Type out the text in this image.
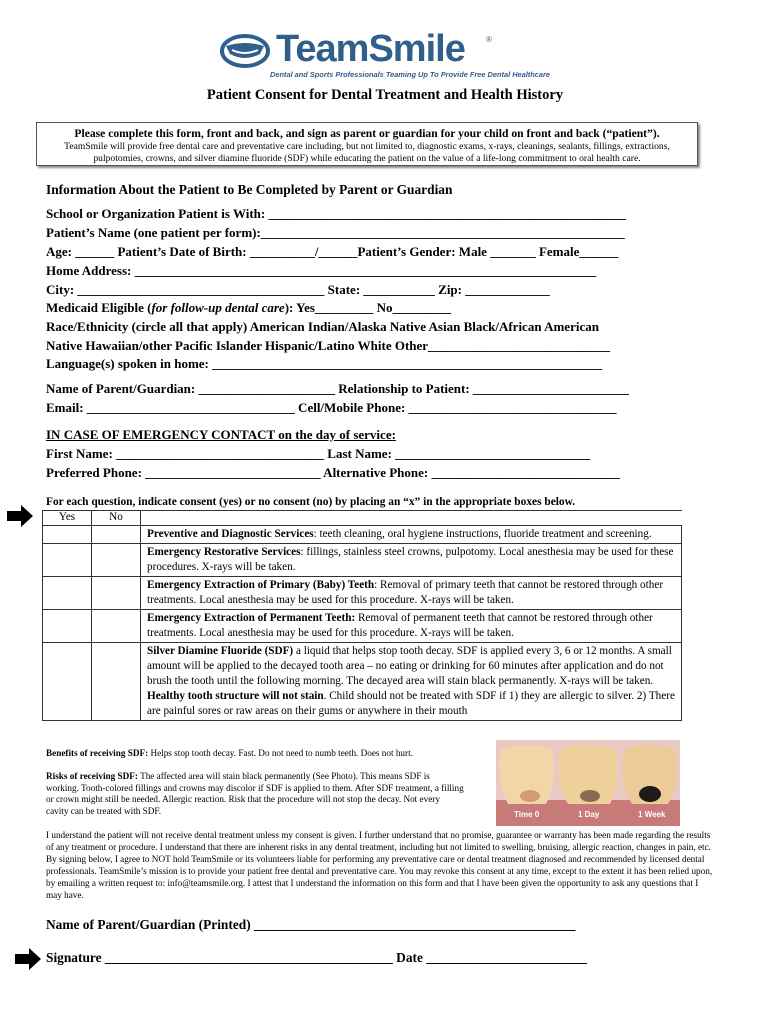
TeamSmile	®
Dental and Sports Professionals Teaming Up To Provide Free Dental Healthcare
Patient Consent for Dental Treatment and Health History
Please complete this form, front and back, and sign as parent or guardian for your child on front and back (“patient”).
TeamSmile will provide free dental care and preventative care including, but not limited to, diagnostic exams, x-rays, cleanings, sealants, fillings, extractions, pulpotomies, crowns, and silver diamine fluoride (SDF) while educating the patient on the value of a life-long commitment to oral health care.
Information About the Patient to Be Completed by Parent or Guardian
School or Organization Patient is With: _______________________________________________________
Patient’s Name (one patient per form):________________________________________________________
Age: ______ Patient’s Date of Birth: __________/______Patient’s Gender: Male _______ Female______
Home Address: _______________________________________________________________________
City: ______________________________________ State: ___________ Zip: _____________
Medicaid Eligible (for follow-up dental care): Yes_________ No_________
Race/Ethnicity (circle all that apply) American Indian/Alaska Native Asian Black/African American
Native Hawaiian/other Pacific Islander Hispanic/Latino White Other____________________________
Language(s) spoken in home: ____________________________________________________________
Name of Parent/Guardian: _____________________ Relationship to Patient: ________________________
Email: ________________________________ Cell/Mobile Phone: ________________________________
IN CASE OF EMERGENCY CONTACT on the day of service:
First Name: ________________________________ Last Name: ______________________________
Preferred Phone: ___________________________ Alternative Phone: _____________________________
For each question, indicate consent (yes) or no consent (no) by placing an “x” in the appropriate boxes below.
Yes	No	
		Preventive and Diagnostic Services: teeth cleaning, oral hygiene instructions, fluoride treatment and screening.
		Emergency Restorative Services: fillings, stainless steel crowns, pulpotomy. Local anesthesia may be used for these procedures. X-rays will be taken.
		Emergency Extraction of Primary (Baby) Teeth: Removal of primary teeth that cannot be restored through other treatments. Local anesthesia may be used for this procedure. X-rays will be taken.
		Emergency Extraction of Permanent Teeth: Removal of permanent teeth that cannot be restored through other treatments. Local anesthesia may be used for this procedure. X-rays will be taken.
		Silver Diamine Fluoride (SDF) a liquid that helps stop tooth decay. SDF is applied every 3, 6 or 12 months. A small amount will be applied to the decayed tooth area – no eating or drinking for 60 minutes after application and do not brush the tooth until the following morning. The decayed area will stain black permanently. X-rays will be taken. Healthy tooth structure will not stain. Child should not be treated with SDF if 1) they are allergic to silver. 2) There are painful sores or raw areas on their gums or anywhere in their mouth
Benefits of receiving SDF: Helps stop tooth decay. Fast. Do not need to numb teeth. Does not hurt.
Risks of receiving SDF: The affected area will stain black permanently (See Photo). This means SDF is working. Tooth-colored fillings and crowns may discolor if SDF is applied to them. After SDF treatment, a filling or crown might still be needed. Allergic reaction. Risk that the procedure will not stop the decay. Not every cavity can be treated with SDF.	Time 0	1 Day	1 Week
I understand the patient will not receive dental treatment unless my consent is given. I further understand that no promise, guarantee or warranty has been made regarding the results of any treatment or procedure. I understand that there are inherent risks in any dental treatment, including but not limited to swelling, bruising, allergic reaction, changes in pain, etc. By signing below, I agree to NOT hold TeamSmile or its volunteers liable for performing any preventative care or dental treatment diagnosed and recommended by licensed dental professionals. TeamSmile’s mission is to provide your patient free dental and preventative care. You may revoke this consent at any time, except to the extent it has been relied upon, by emailing a written request to: info@teamsmile.org. I attest that I understand the information on this form and that I have been given the opportunity to ask any questions that I may have.
Name of Parent/Guardian (Printed) ________________________________________________
Signature ___________________________________________ Date ________________________
